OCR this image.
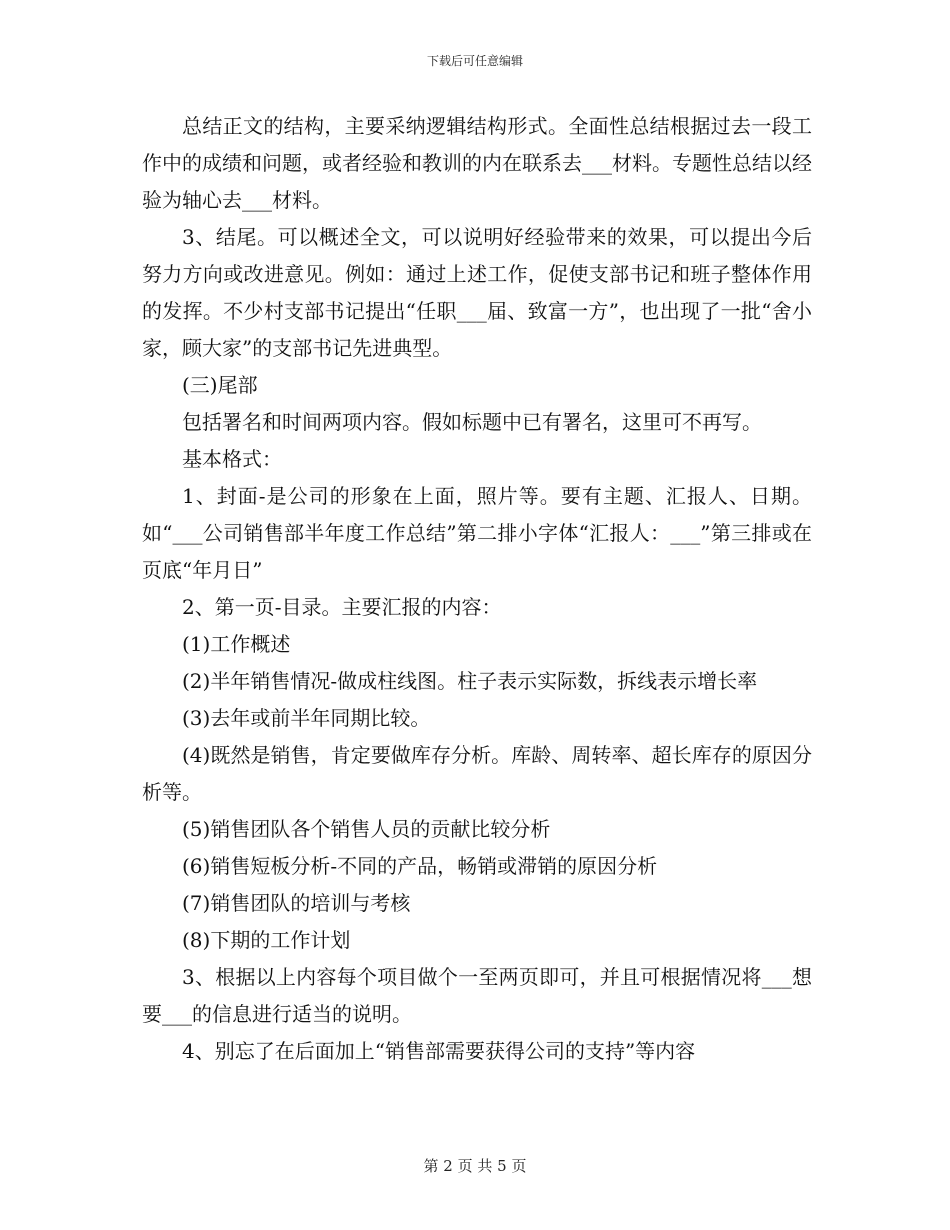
下载后可任意编辑

总结正文的结构，主要采纳逻辑结构形式。全面性总结根据过去一段工作中的成绩和问题，或者经验和教训的内在联系去___材料。专题性总结以经验为轴心去___材料。

3、结尾。可以概述全文，可以说明好经验带来的效果，可以提出今后努力方向或改进意见。例如：通过上述工作，促使支部书记和班子整体作用的发挥。不少村支部书记提出“任职___届、致富一方”，也出现了一批“舍小家，顾大家”的支部书记先进典型。

(三)尾部

包括署名和时间两项内容。假如标题中已有署名，这里可不再写。

基本格式：

1、封面-是公司的形象在上面，照片等。要有主题、汇报人、日期。如“___公司销售部半年度工作总结”第二排小字体“汇报人：___”第三排或在页底“年月日”

2、第一页-目录。主要汇报的内容：

(1)工作概述

(2)半年销售情况-做成柱线图。柱子表示实际数，拆线表示增长率

(3)去年或前半年同期比较。

(4)既然是销售，肯定要做库存分析。库龄、周转率、超长库存的原因分析等。

(5)销售团队各个销售人员的贡献比较分析

(6)销售短板分析-不同的产品，畅销或滞销的原因分析

(7)销售团队的培训与考核

(8)下期的工作计划

3、根据以上内容每个项目做个一至两页即可，并且可根据情况将___想要___的信息进行适当的说明。

4、别忘了在后面加上“销售部需要获得公司的支持”等内容

第 2 页 共 5 页
